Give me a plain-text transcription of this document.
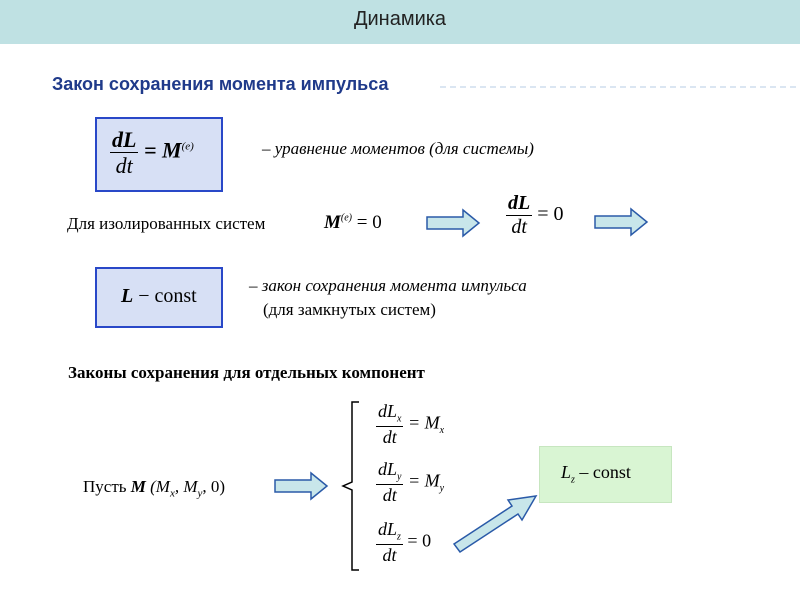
Динамика
Закон сохранения момента импульса
$\frac{dL}{dt} = M^{(e)}$	– уравнение моментов (для системы)
Для изолированных систем	$M^{(e)} = 0$	$\frac{dL}{dt} = 0$
L − const	– закон сохранения момента импульса
(для замкнутых систем)
Законы сохранения для отдельных компонент
Пусть M ($M_x$, $M_y$, 0)
$\frac{dL_x}{dt} = M_x$
$\frac{dL_y}{dt} = M_y$
$\frac{dL_z}{dt} = 0$
$L_z$ – const
